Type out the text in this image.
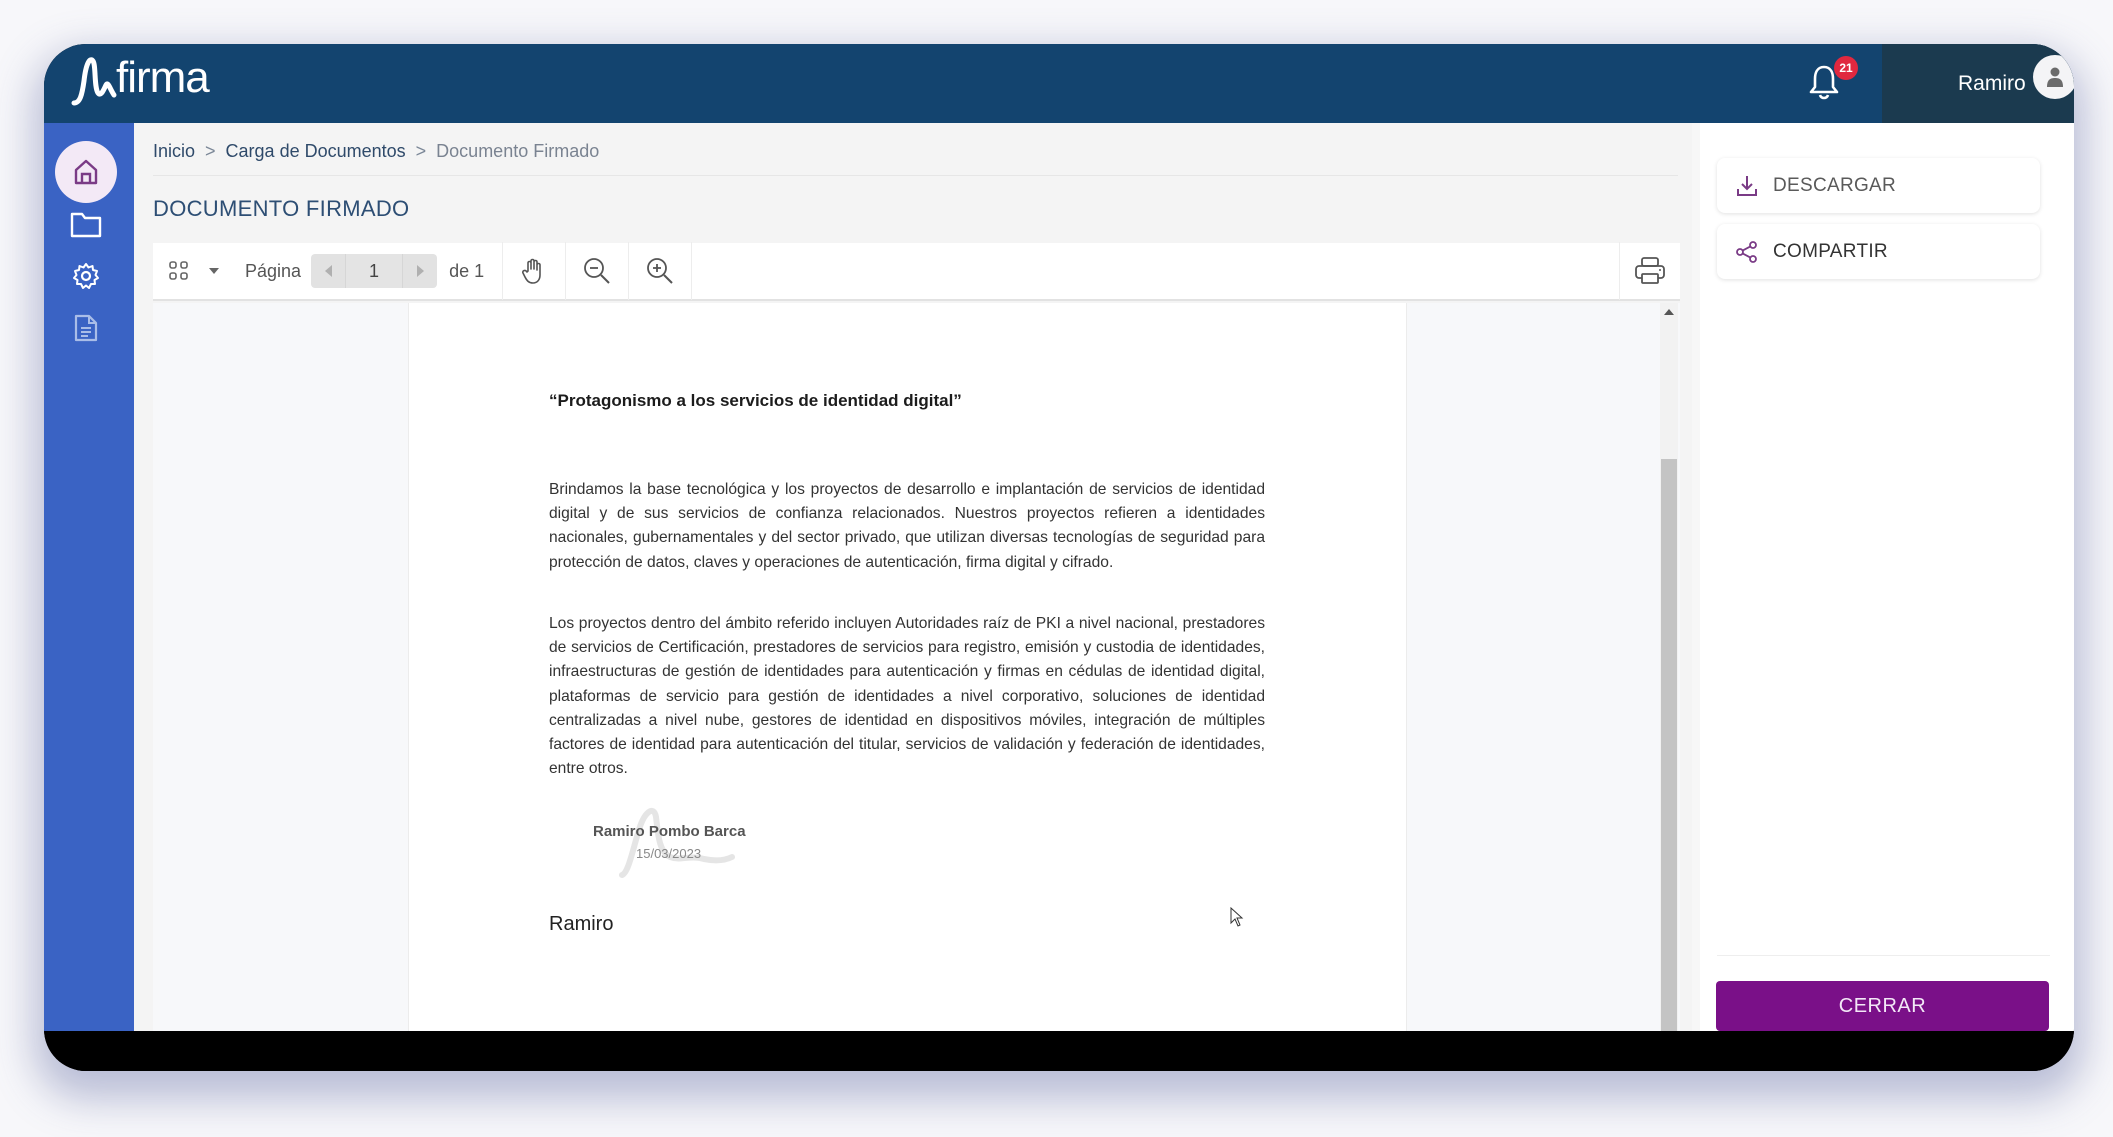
firma	21
Ramiro
Inicio > Carga de Documentos > Documento Firmado
DOCUMENTO FIRMADO
Página
1	de 1
“Protagonismo a los servicios de identidad digital”

Brindamos la base tecnológica y los proyectos de desarrollo e implantación de servicios de identidad digital y de sus servicios de confianza relacionados. Nuestros proyectos refieren a identidades nacionales, gubernamentales y del sector privado, que utilizan diversas tecnologías de seguridad para protección de datos, claves y operaciones de autenticación, firma digital y cifrado.

Los proyectos dentro del ámbito referido incluyen Autoridades raíz de PKI a nivel nacional, prestadores de servicios de Certificación, prestadores de servicios para registro, emisión y custodia de identidades, infraestructuras de gestión de identidades para autenticación y firmas en cédulas de identidad digital, plataformas de servicio para gestión de identidades a nivel corporativo, soluciones de identidad centralizadas a nivel nube, gestores de identidad en dispositivos móviles, integración de múltiples factores de identidad para autenticación del titular, servicios de validación y federación de identidades, entre otros.

Ramiro Pombo Barca
15/03/2023
Ramiro
DESCARGAR
COMPARTIR
CERRAR
